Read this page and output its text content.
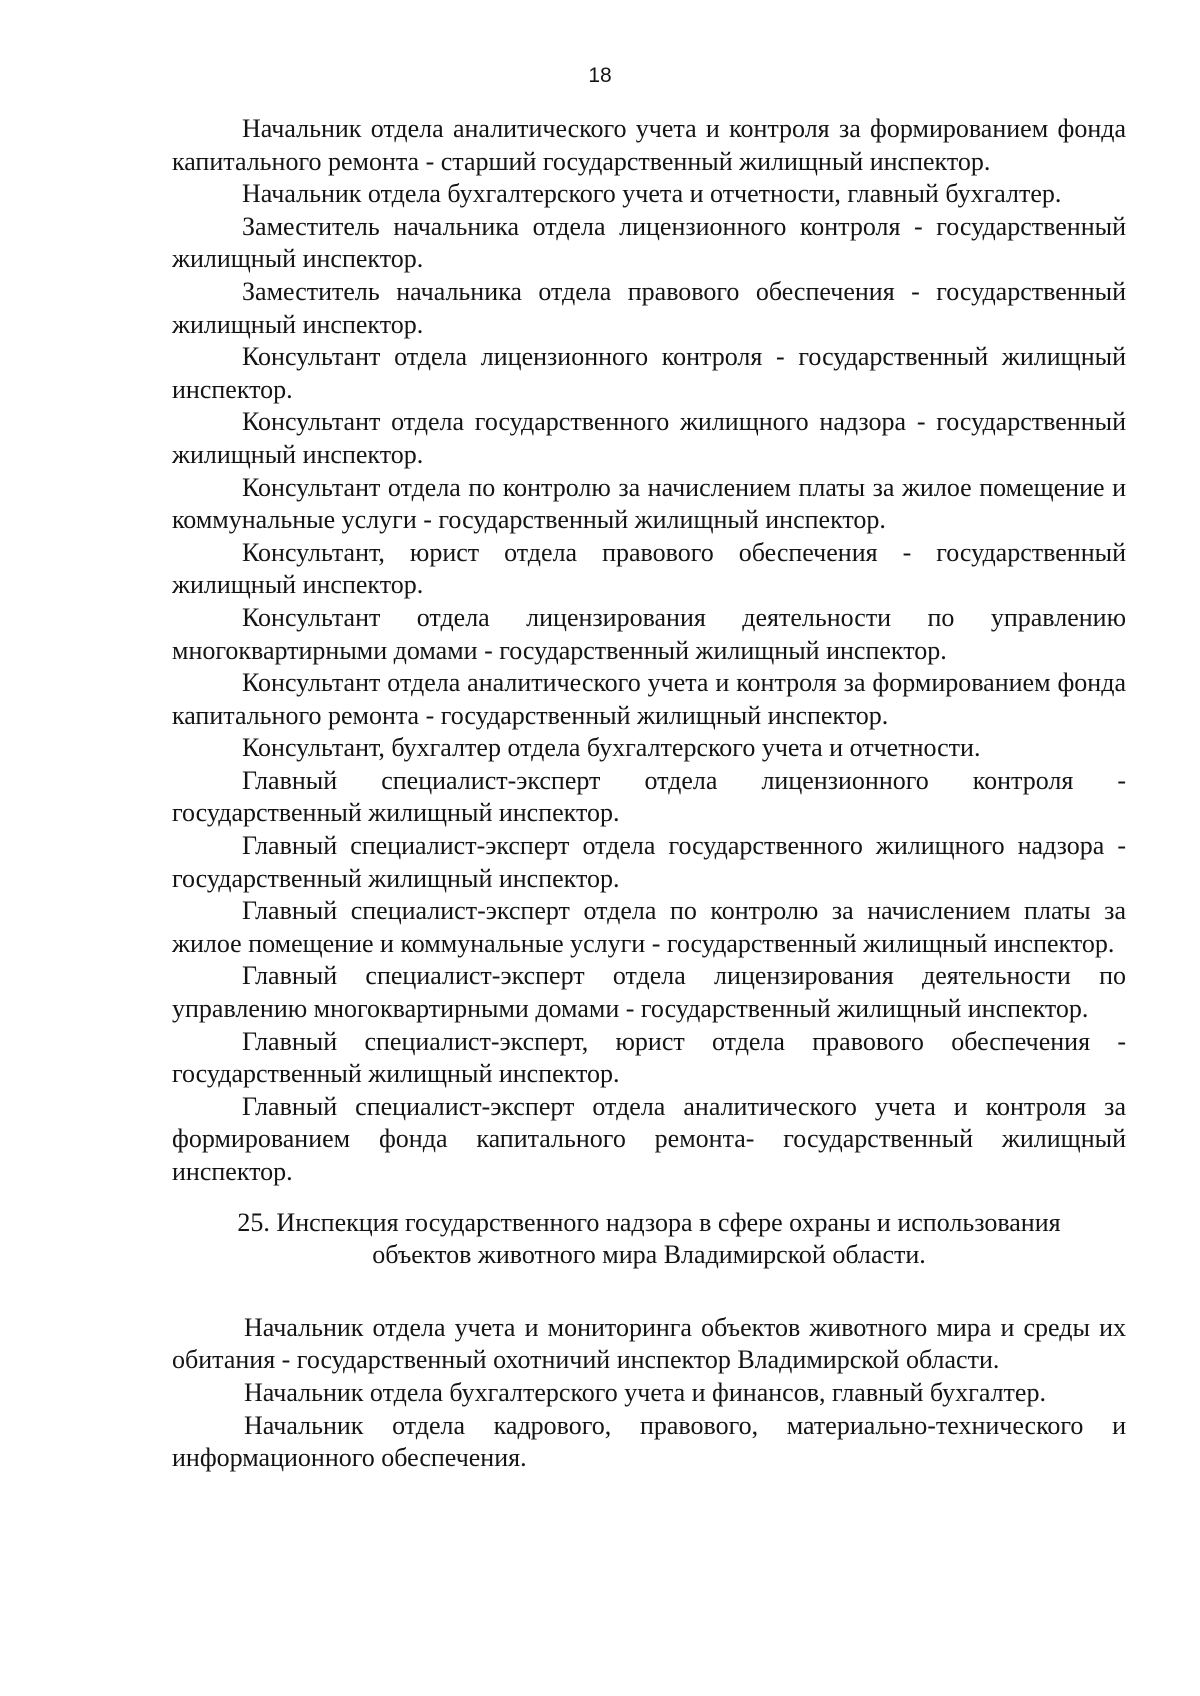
18

Начальник отдела аналитического учета и контроля за формированием фонда капитального ремонта - старший государственный жилищный инспектор.

Начальник отдела бухгалтерского учета и отчетности, главный бухгалтер.

Заместитель начальника отдела лицензионного контроля - государственный жилищный инспектор.

Заместитель начальника отдела правового обеспечения - государственный жилищный инспектор.

Консультант отдела лицензионного контроля - государственный жилищный инспектор.

Консультант отдела государственного жилищного надзора - государственный жилищный инспектор.

Консультант отдела по контролю за начислением платы за жилое помещение и коммунальные услуги - государственный жилищный инспектор.

Консультант, юрист отдела правового обеспечения - государственный жилищный инспектор.

Консультант отдела лицензирования деятельности по управлению многоквартирными домами - государственный жилищный инспектор.

Консультант отдела аналитического учета и контроля за формированием фонда капитального ремонта - государственный жилищный инспектор.

Консультант, бухгалтер отдела бухгалтерского учета и отчетности.

Главный специалист-эксперт отдела лицензионного контроля - государственный жилищный инспектор.

Главный специалист-эксперт отдела государственного жилищного надзора - государственный жилищный инспектор.

Главный специалист-эксперт отдела по контролю за начислением платы за жилое помещение и коммунальные услуги - государственный жилищный инспектор.

Главный специалист-эксперт отдела лицензирования деятельности по управлению многоквартирными домами - государственный жилищный инспектор.

Главный специалист-эксперт, юрист отдела правового обеспечения - государственный жилищный инспектор.

Главный специалист-эксперт отдела аналитического учета и контроля за формированием фонда капитального ремонта- государственный жилищный инспектор.

25. Инспекция государственного надзора в сфере охраны и использования
объектов животного мира Владимирской области.

Начальник отдела учета и мониторинга объектов животного мира и среды их обитания - государственный охотничий инспектор Владимирской области.

Начальник отдела бухгалтерского учета и финансов, главный бухгалтер.

Начальник отдела кадрового, правового, материально-технического и информационного обеспечения.
